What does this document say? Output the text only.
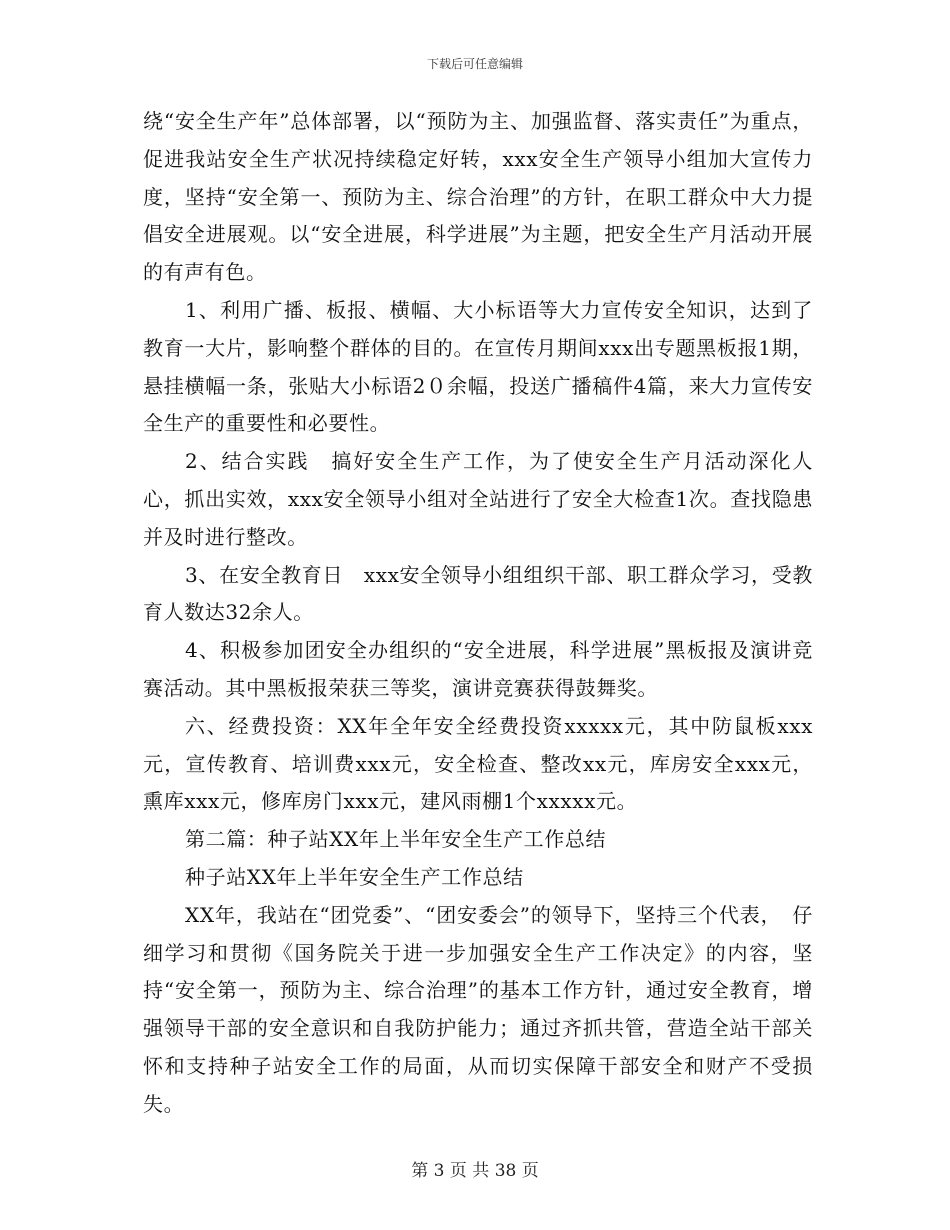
下载后可任意编辑

绕“安全生产年”总体部署，以“预防为主、加强监督、落实责任”为重点，促进我站安全生产状况持续稳定好转，xxx安全生产领导小组加大宣传力度，坚持“安全第一、预防为主、综合治理”的方针，在职工群众中大力提倡安全进展观。以“安全进展，科学进展”为主题，把安全生产月活动开展的有声有色。

1、利用广播、板报、横幅、大小标语等大力宣传安全知识，达到了教育一大片，影响整个群体的目的。在宣传月期间xxx出专题黑板报1期，悬挂横幅一条，张贴大小标语2０余幅，投送广播稿件4篇，来大力宣传安全生产的重要性和必要性。

2、结合实践　搞好安全生产工作，为了使安全生产月活动深化人心，抓出实效，xxx安全领导小组对全站进行了安全大检查1次。查找隐患并及时进行整改。

3、在安全教育日　xxx安全领导小组组织干部、职工群众学习，受教育人数达32余人。

4、积极参加团安全办组织的“安全进展，科学进展”黑板报及演讲竞赛活动。其中黑板报荣获三等奖，演讲竞赛获得鼓舞奖。

六、经费投资：XX年全年安全经费投资xxxxx元，其中防鼠板xxx元，宣传教育、培训费xxx元，安全检查、整改xx元，库房安全xxx元，熏库xxx元，修库房门xxx元，建风雨棚1个xxxxx元。

第二篇：种子站XX年上半年安全生产工作总结

种子站XX年上半年安全生产工作总结

XX年，我站在“团党委”、“团安委会”的领导下，坚持三个代表，　仔细学习和贯彻《国务院关于进一步加强安全生产工作决定》的内容，坚持“安全第一，预防为主、综合治理”的基本工作方针，通过安全教育，增强领导干部的安全意识和自我防护能力；通过齐抓共管，营造全站干部关怀和支持种子站安全工作的局面，从而切实保障干部安全和财产不受损失。

第 3 页 共 38 页
